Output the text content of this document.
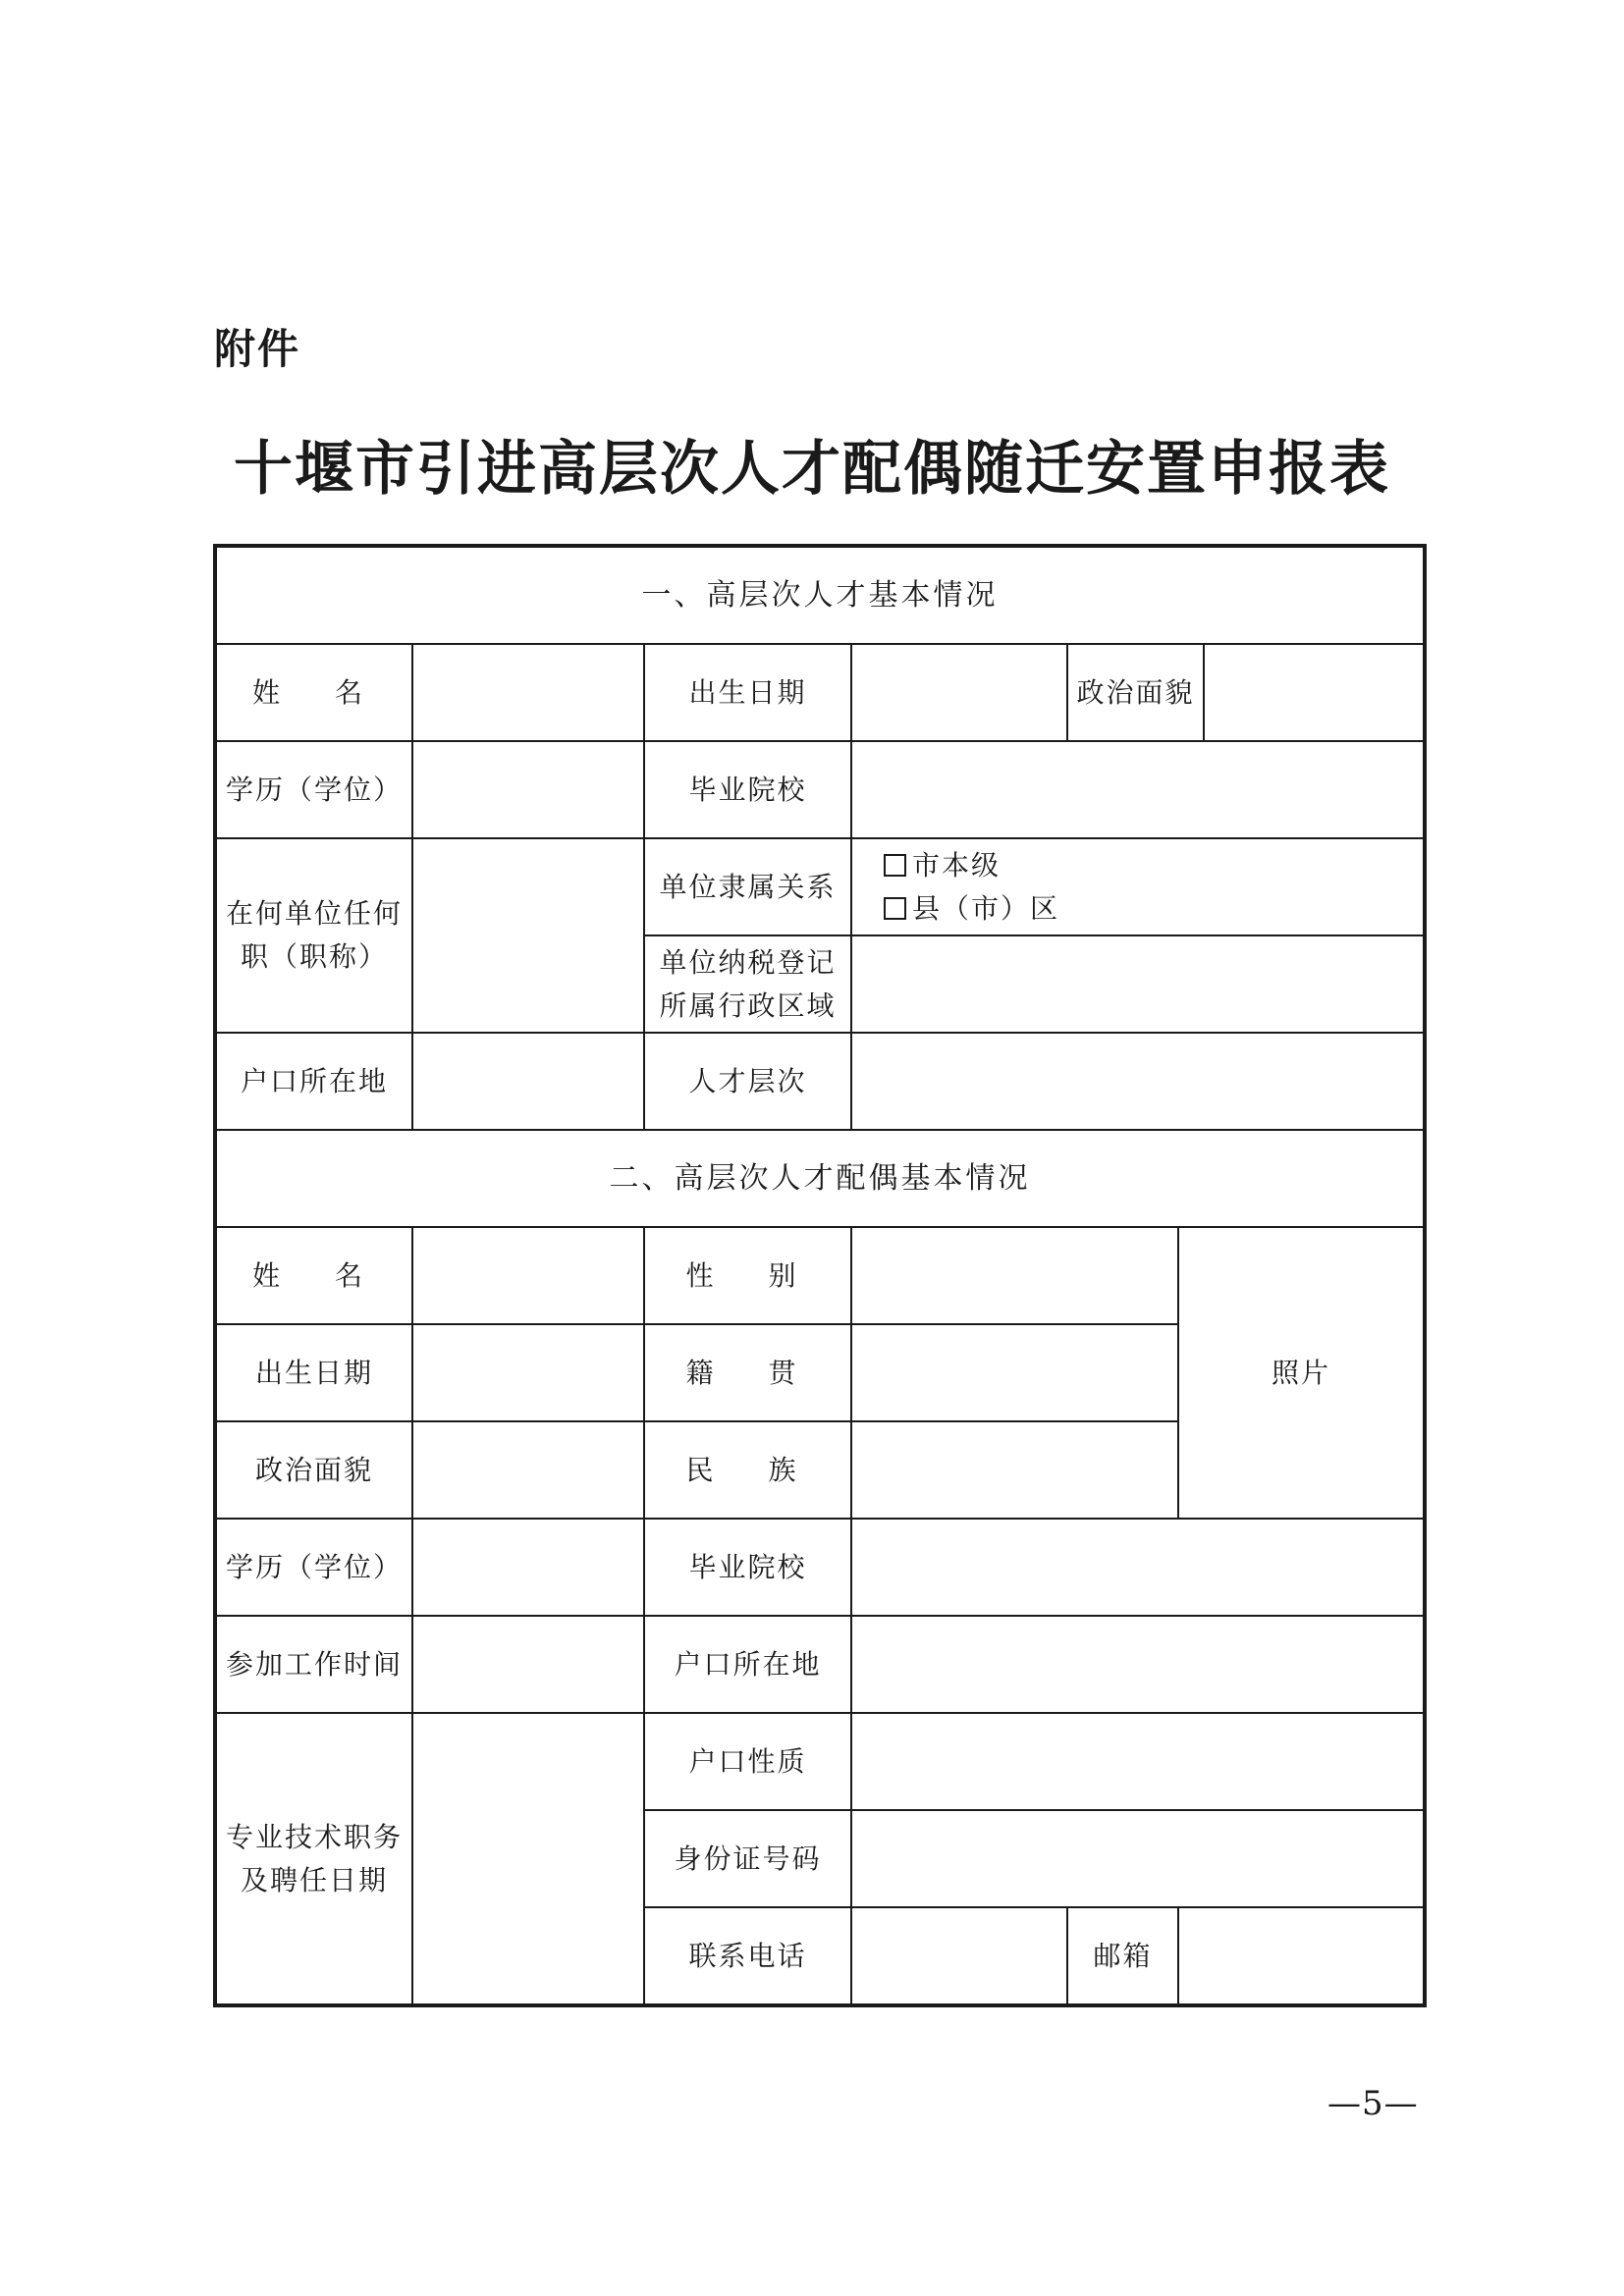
附件
十堰市引进高层次人才配偶随迁安置申报表
一、高层次人才基本情况						
姓　名		出生日期		政治面貌		
学历（学位）		毕业院校				
在何单位任何职（职称）		单位隶属关系	市本级
县（市）区			

		单位纳税登记所属行政区域				
户口所在地		人才层次				
二、高层次人才配偶基本情况						
姓　名		性　别			照片	
出生日期		籍　贯				
政治面貌		民　族				
学历（学位）		毕业院校				
参加工作时间		户口所在地				
专业技术职务及聘任日期		户口性质				
		身份证号码				
		联系电话		邮箱		
—5—
